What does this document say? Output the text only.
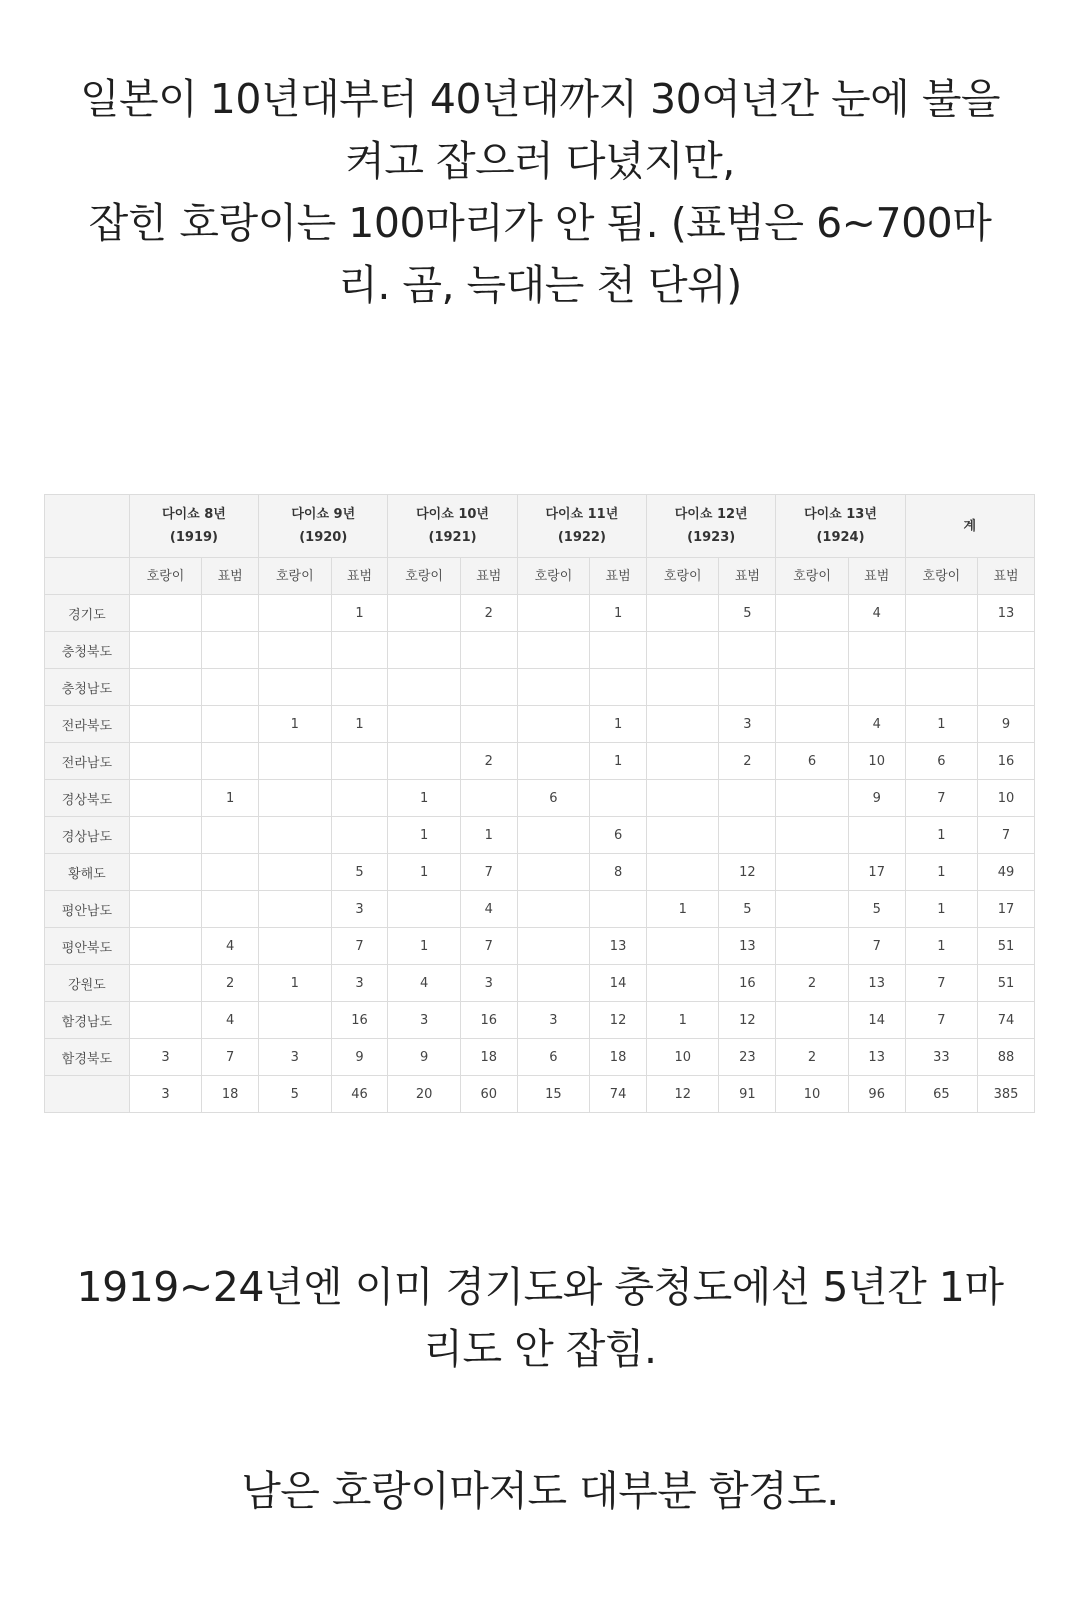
일본이 10년대부터 40년대까지 30여년간 눈에 불을
켜고 잡으러 다녔지만,
잡힌 호랑이는 100마리가 안 됨. (표범은 6~700마
리. 곰, 늑대는 천 단위)
	다이쇼 8년
(1919)		다이쇼 9년
(1920)		다이쇼 10년
(1921)		다이쇼 11년
(1922)		다이쇼 12년
(1923)		다이쇼 13년
(1924)		계	
	호랑이	표범	호랑이	표범	호랑이	표범	호랑이	표범	호랑이	표범	호랑이	표범	호랑이	표범
경기도				1		2		1		5		4		13
충청북도														
충청남도														
전라북도			1	1				1		3		4	1	9
전라남도						2		1		2	6	10	6	16
경상북도		1			1		6					9	7	10
경상남도					1	1		6					1	7
황해도				5	1	7		8		12		17	1	49
평안남도				3		4			1	5		5	1	17
평안북도		4		7	1	7		13		13		7	1	51
강원도		2	1	3	4	3		14		16	2	13	7	51
함경남도		4		16	3	16	3	12	1	12		14	7	74
함경북도	3	7	3	9	9	18	6	18	10	23	2	13	33	88
	3	18	5	46	20	60	15	74	12	91	10	96	65	385
1919~24년엔 이미 경기도와 충청도에선 5년간 1마
리도 안 잡힘.
남은 호랑이마저도 대부분 함경도.
